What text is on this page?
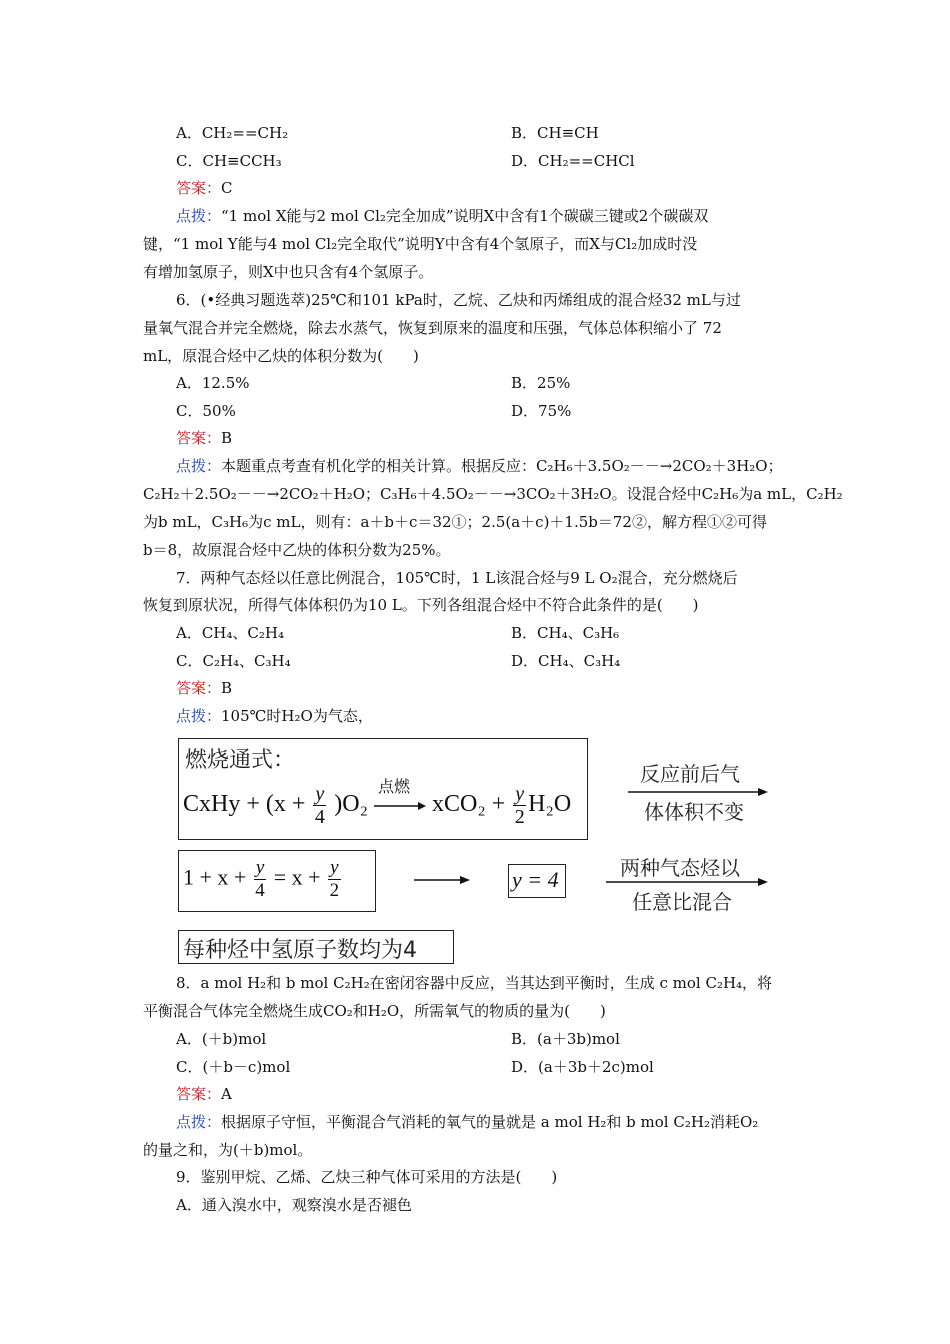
A．CH₂==CH₂	B．CH≡CH
C．CH≡CCH₃	D．CH₂==CHCl
答案：C
点拨：“1 mol X能与2 mol Cl₂完全加成”说明X中含有1个碳碳三键或2个碳碳双
键，“1 mol Y能与4 mol Cl₂完全取代”说明Y中含有4个氢原子，而X与Cl₂加成时没
有增加氢原子，则X中也只含有4个氢原子。
6．(•经典习题选萃)25℃和101 kPa时，乙烷、乙炔和丙烯组成的混合烃32 mL与过
量氧气混合并完全燃烧，除去水蒸气，恢复到原来的温度和压强，气体总体积缩小了 72
mL，原混合烃中乙炔的体积分数为(　　)
A．12.5%	B．25%
C．50%	D．75%
答案：B
点拨：本题重点考查有机化学的相关计算。根据反应：C₂H₆＋3.5O₂－－→2CO₂＋3H₂O；
C₂H₂＋2.5O₂－－→2CO₂＋H₂O；C₃H₆＋4.5O₂－－→3CO₂＋3H₂O。设混合烃中C₂H₆为a mL，C₂H₂
为b mL，C₃H₆为c mL，则有：a＋b＋c＝32①；2.5(a＋c)＋1.5b＝72②，解方程①②可得
b＝8，故原混合烃中乙炔的体积分数为25%。
7．两种气态烃以任意比例混合，105℃时，1 L该混合烃与9 L O₂混合，充分燃烧后
恢复到原状况，所得气体体积仍为10 L。下列各组混合烃中不符合此条件的是(　　)
A．CH₄、C₂H₄	B．CH₄、C₃H₆
C．C₂H₄、C₃H₄	D．CH₄、C₃H₄
答案：B
点拨：105℃时H₂O为气态，
燃烧通式：
CxHy + $(x + \frac{y}{4} )O_2$
点燃
$xCO_2 + \frac{y}{2} H_2O$
反应前后气
体体积不变
$1 + x + \frac{y}{4} = x + \frac{y}{2}$	y = 4	两种气态烃以
任意比混合
每种烃中氢原子数均为4
8．a mol H₂和 b mol C₂H₂在密闭容器中反应，当其达到平衡时，生成 c mol C₂H₄，将
平衡混合气体完全燃烧生成CO₂和H₂O，所需氧气的物质的量为(　　)
A．(＋b)mol	B．(a＋3b)mol
C．(＋b－c)mol	D．(a＋3b＋2c)mol
答案：A
点拨：根据原子守恒，平衡混合气消耗的氧气的量就是 a mol H₂和 b mol C₂H₂消耗O₂
的量之和，为(＋b)mol。
9．鉴别甲烷、乙烯、乙炔三种气体可采用的方法是(　　)
A．通入溴水中，观察溴水是否褪色
